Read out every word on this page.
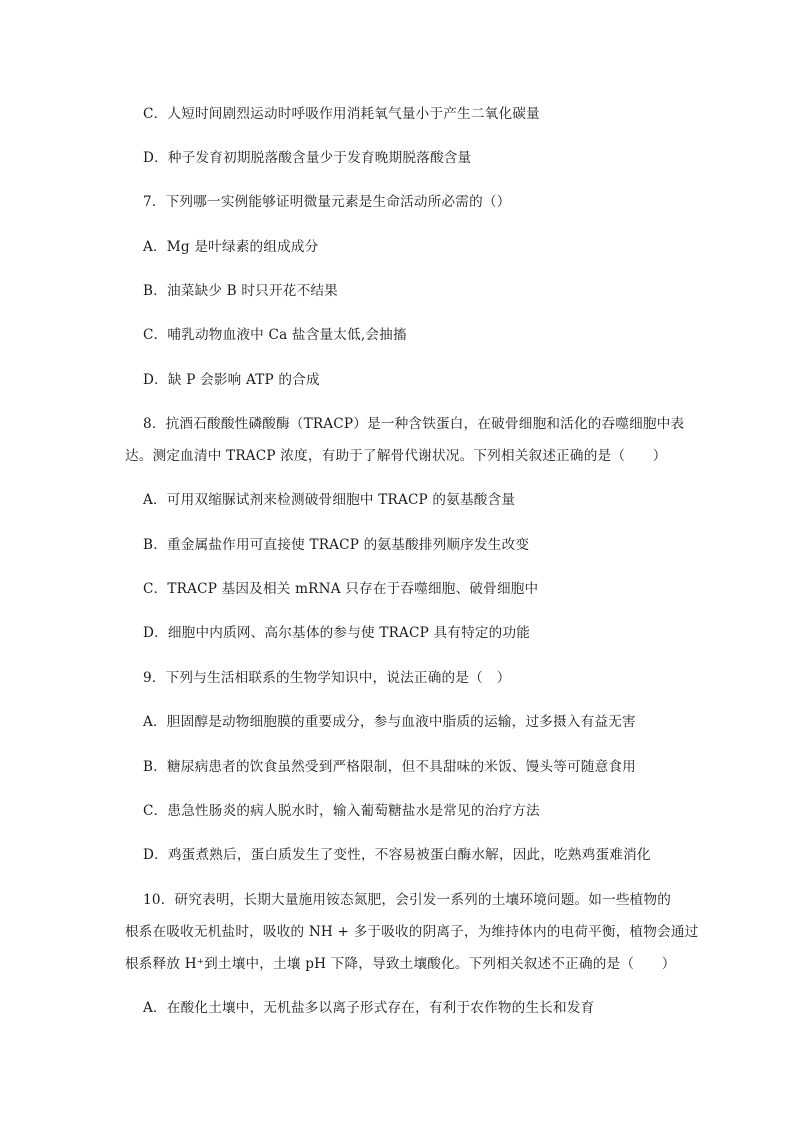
C．人短时间剧烈运动时呼吸作用消耗氧气量小于产生二氧化碳量
D．种子发育初期脱落酸含量少于发育晚期脱落酸含量
7．下列哪一实例能够证明微量元素是生命活动所必需的（）
A．Mg 是叶绿素的组成成分
B．油菜缺少 B 时只开花不结果
C．哺乳动物血液中 Ca 盐含量太低,会抽搐
D．缺 P 会影响 ATP 的合成
8．抗酒石酸酸性磷酸酶（TRACP）是一种含铁蛋白，在破骨细胞和活化的吞噬细胞中表
达。测定血清中 TRACP 浓度，有助于了解骨代谢状况。下列相关叙述正确的是（　　）
A．可用双缩脲试剂来检测破骨细胞中 TRACP 的氨基酸含量
B．重金属盐作用可直接使 TRACP 的氨基酸排列顺序发生改变
C．TRACP 基因及相关 mRNA 只存在于吞噬细胞、破骨细胞中
D．细胞中内质网、高尔基体的参与使 TRACP 具有特定的功能
9．下列与生活相联系的生物学知识中，说法正确的是（　）
A．胆固醇是动物细胞膜的重要成分，参与血液中脂质的运输，过多摄入有益无害
B．糖尿病患者的饮食虽然受到严格限制，但不具甜味的米饭、馒头等可随意食用
C．患急性肠炎的病人脱水时，输入葡萄糖盐水是常见的治疗方法
D．鸡蛋煮熟后，蛋白质发生了变性，不容易被蛋白酶水解，因此，吃熟鸡蛋难消化
10．研究表明，长期大量施用铵态氮肥，会引发一系列的土壤环境问题。如一些植物的
根系在吸收无机盐时，吸收的 NH + 多于吸收的阴离子，为维持体内的电荷平衡，植物会通过
根系释放 H⁺到土壤中，土壤 pH 下降，导致土壤酸化。下列相关叙述不正确的是（　　）
A．在酸化土壤中，无机盐多以离子形式存在，有利于农作物的生长和发育
